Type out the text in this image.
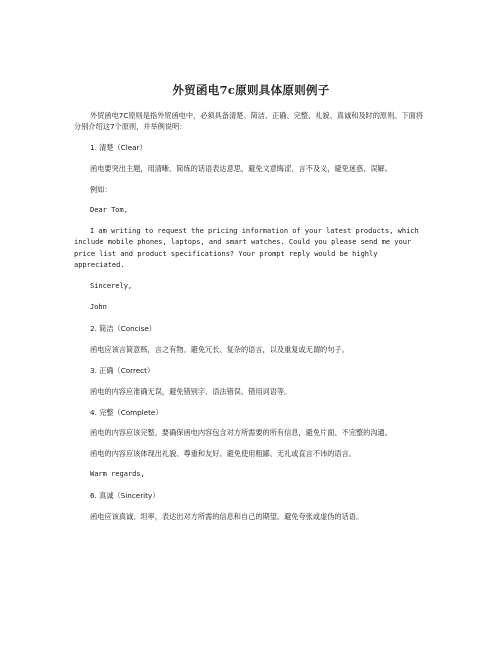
外贸函电7c原则具体原则例子

外贸函电7C原则是指外贸函电中，必须具备清楚、简洁、正确、完整、礼貌、真诚和及时的原则。下面将分别介绍这7个原则，并举例说明：

1. 清楚（Clear）

函电要突出主题，用清晰、简练的话语表达意思，避免文意晦涩、言不及义，避免迷惑、误解。

例如：

Dear Tom,

I am writing to request the pricing information of your latest products, which include mobile phones, laptops, and smart watches. Could you please send me your price list and product specifications? Your prompt reply would be highly appreciated.

Sincerely,

John

2. 简洁（Concise）

函电应该言简意赅，言之有物。避免冗长、复杂的语言，以及重复或无谓的句子。

3. 正确（Correct）

函电的内容应准确无误，避免错别字、语法错误、错用词语等。

4. 完整（Complete）

函电的内容应该完整，要确保函电内容包含对方所需要的所有信息，避免片面、不完整的沟通。

函电的内容应该体现出礼貌、尊重和友好。避免使用粗鄙、无礼或直言不讳的语言。

Warm regards,

6. 真诚（Sincerity）

函电应该真诚、坦率，表达出对方所需的信息和自己的期望。避免夸张或虚伪的话语。
